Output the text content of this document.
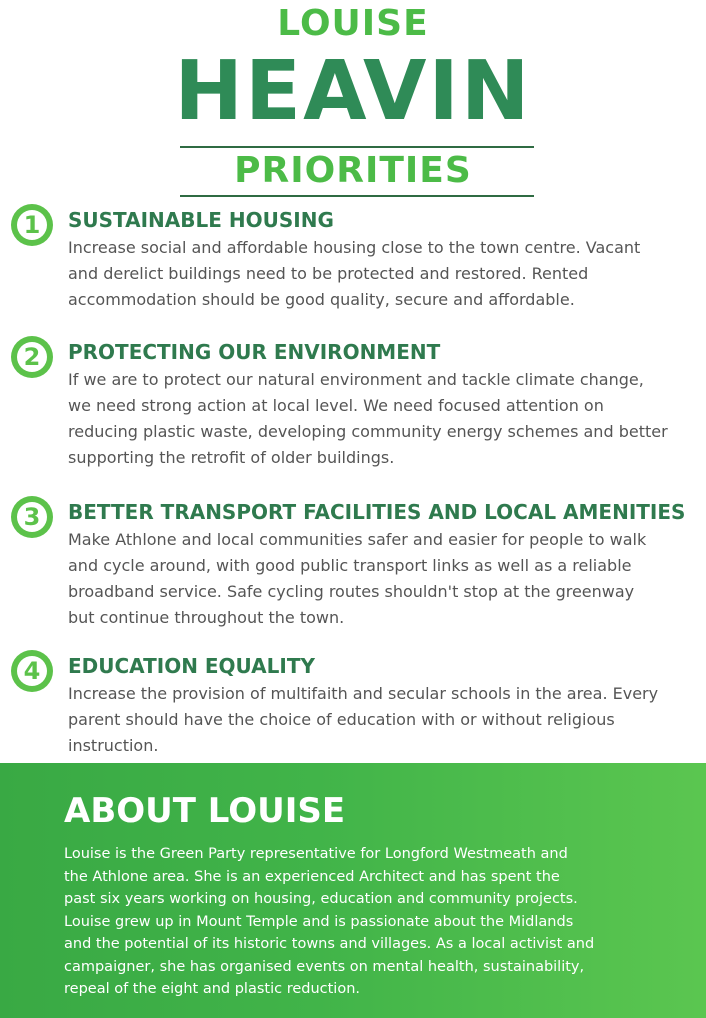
LOUISE
HEAVIN
PRIORITIES
1	SUSTAINABLE HOUSING
Increase social and affordable housing close to the town centre. Vacant
and derelict buildings need to be protected and restored. Rented
accommodation should be good quality, secure and affordable.
2	PROTECTING OUR ENVIRONMENT
If we are to protect our natural environment and tackle climate change,
we need strong action at local level. We need focused attention on
reducing plastic waste, developing community energy schemes and better
supporting the retrofit of older buildings.
3	BETTER TRANSPORT FACILITIES AND LOCAL AMENITIES
Make Athlone and local communities safer and easier for people to walk
and cycle around, with good public transport links as well as a reliable
broadband service. Safe cycling routes shouldn't stop at the greenway
but continue throughout the town.
4	EDUCATION EQUALITY
Increase the provision of multifaith and secular schools in the area. Every
parent should have the choice of education with or without religious
instruction.
ABOUT LOUISE
Louise is the Green Party representative for Longford Westmeath and
the Athlone area. She is an experienced Architect and has spent the
past six years working on housing, education and community projects.
Louise grew up in Mount Temple and is passionate about the Midlands
and the potential of its historic towns and villages. As a local activist and
campaigner, she has organised events on mental health, sustainability,
repeal of the eight and plastic reduction.
